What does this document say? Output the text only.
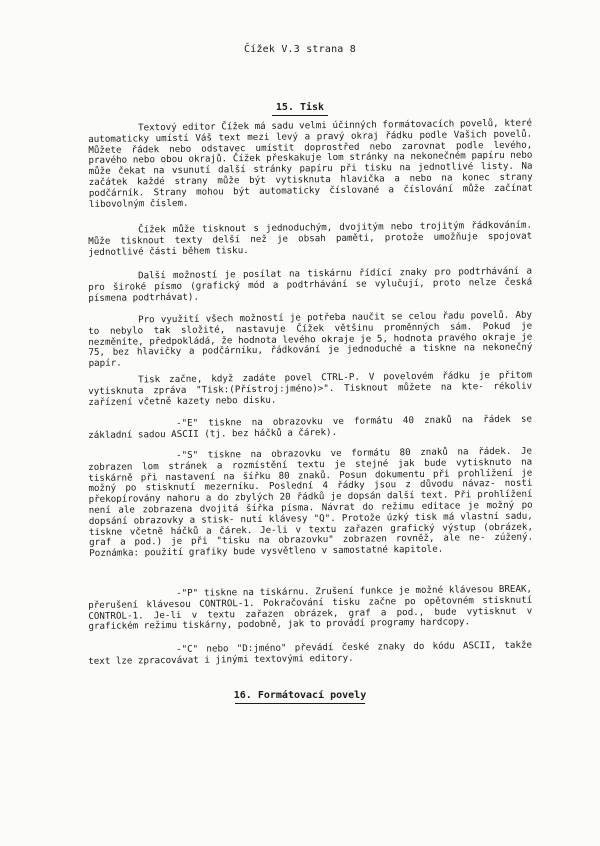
Čížek V.3 strana 8
15. Tisk

Textový editor Čížek má sadu velmi účinných formátovacích povelů, které automaticky umístí Váš text mezi levý a pravý okraj řádku podle Vašich povelů. Můžete řádek nebo odstavec umístit doprostřed nebo zarovnat podle levého, pravého nebo obou okrajů. Čížek přeskakuje lom stránky na nekonečném papíru nebo může čekat na vsunutí další stránky papíru při tisku na jednotlivé listy. Na začátek každé strany může být vytisknuta hlavička a nebo na konec strany podčárník. Strany mohou být automaticky číslované a číslování může začínat libovolným číslem.

Čížek může tisknout s jednoduchým, dvojitým nebo trojitým řádkováním. Může tisknout texty delší než je obsah paměti, protože umožňuje spojovat jednotlivé části během tisku.

Další možností je posílat na tiskárnu řídící znaky pro podtrhávání a pro široké písmo (grafický mód a podtrhávání se vylučují, proto nelze česká písmena podtrhávat).

Pro využití všech možností je potřeba naučit se celou řadu povelů. Aby to nebylo tak složité, nastavuje Čížek většinu proměnných sám. Pokud je nezměníte, předpokládá, že hodnota levého okraje je 5, hodnota pravého okraje je 75, bez hlavičky a podčárníku, řádkování je jednoduché a tiskne na nekonečný papír.

Tisk začne, když zadáte povel CTRL-P. V povelovém řádku je přitom vytisknuta zpráva "Tisk:(Přístroj:jméno)>". Tisknout můžete na kte- rékoliv zařízení včetně kazety nebo disku.

-"E" tiskne na obrazovku ve formátu 40 znaků na řádek se základní sadou ASCII (tj. bez háčků a čárek).

-"S" tiskne na obrazovku ve formátu 80 znaků na řádek. Je zobrazen lom stránek a rozmístění textu je stejné jak bude vytisknuto na tiskárně při nastavení na šířku 80 znaků. Posun dokumentu při prohlížení je možný po stisknutí mezerníku. Poslední 4 řádky jsou z důvodu návaz- nosti překopírovány nahoru a do zbylých 20 řádků je dopsán další text. Při prohlížení není ale zobrazena dvojitá šířka písma. Návrat do režimu editace je možný po dopsání obrazovky a stisk- nutí klávesy "Q". Protože úzký tisk má vlastní sadu, tiskne včetně háčků a čárek. Je-li v textu zařazen grafický výstup (obrázek, graf a pod.) je při "tisku na obrazovku" zobrazen rovněž, ale ne- zúžený. Poznámka: použití grafiky bude vysvětleno v samostatné kapitole.

-"P" tiskne na tiskárnu. Zrušení funkce je možné klávesou BREAK, přerušení klávesou CONTROL-1. Pokračování tisku začne po opětovném stisknutí CONTROL-1. Je-li v textu zařazen obrázek, graf a pod., bude vytisknut v grafickém režimu tiskárny, podobně, jak to provádí programy hardcopy.

-"C" nebo "D:jméno" převádí české znaky do kódu ASCII, takže text lze zpracovávat i jinými textovými editory.

16. Formátovací povely
